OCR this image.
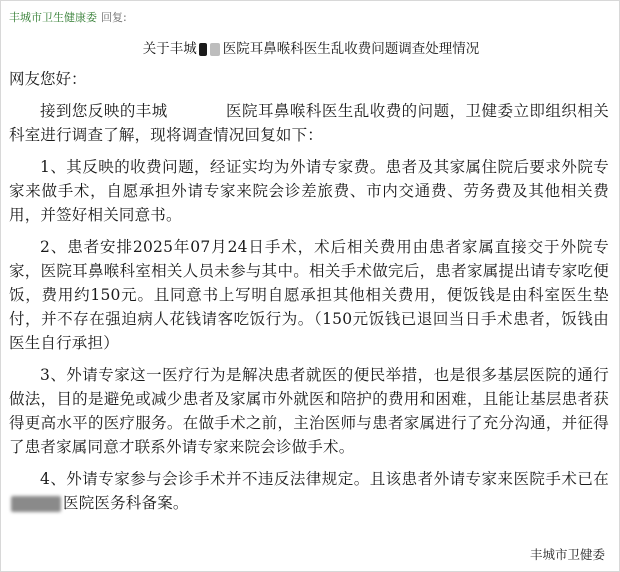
丰城市卫生健康委 回复:
关于丰城 医院耳鼻喉科医生乱收费问题调查处理情况

网友您好：

接到您反映的丰城	医院耳鼻喉科医生乱收费的问题，卫健委立即组织相关科室进行调查了解，现将调查情况回复如下：

1、其反映的收费问题，经证实均为外请专家费。患者及其家属住院后要求外院专家来做手术，自愿承担外请专家来院会诊差旅费、市内交通费、劳务费及其他相关费用，并签好相关同意书。

2、患者安排2025年07月24日手术，术后相关费用由患者家属直接交于外院专家，医院耳鼻喉科室相关人员未参与其中。相关手术做完后，患者家属提出请专家吃便饭，费用约150元。且同意书上写明自愿承担其他相关费用，便饭钱是由科室医生垫付，并不存在强迫病人花钱请客吃饭行为。（150元饭钱已退回当日手术患者，饭钱由医生自行承担）

3、外请专家这一医疗行为是解决患者就医的便民举措，也是很多基层医院的通行做法，目的是避免或减少患者及家属市外就医和陪护的费用和困难，且能让基层患者获得更高水平的医疗服务。在做手术之前，主治医师与患者家属进行了充分沟通，并征得了患者家属同意才联系外请专家来院会诊做手术。

4、外请专家参与会诊手术并不违反法律规定。且该患者外请专家来医院手术已在医院医务科备案。

丰城市卫健委
